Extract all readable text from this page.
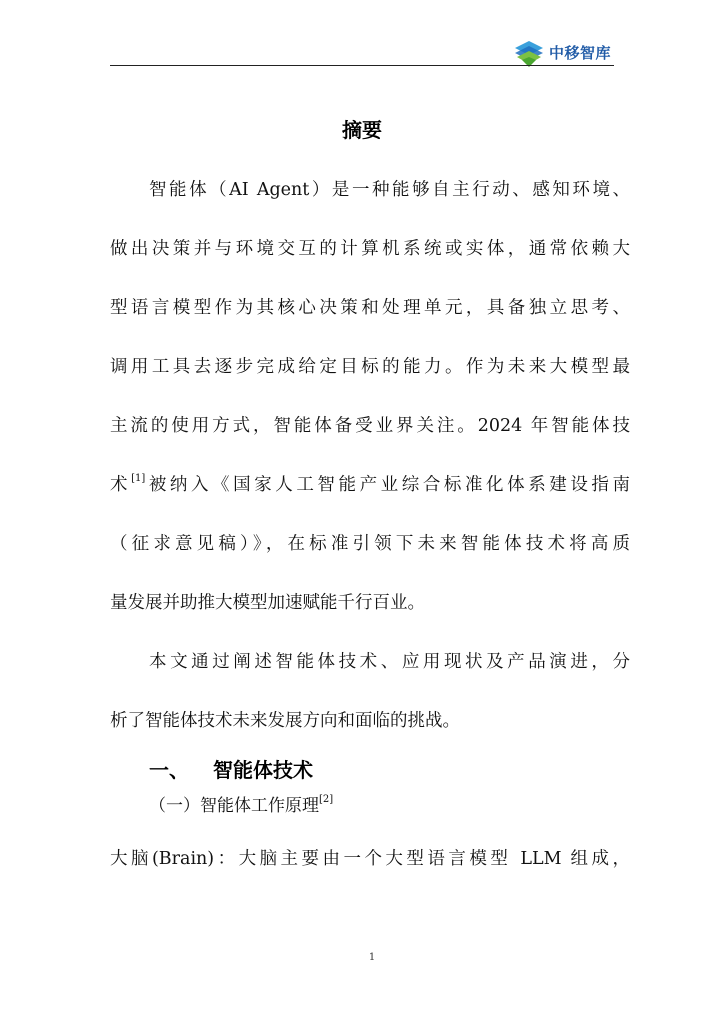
中移智库
摘要
智能体（AI Agent）是一种能够自主行动、感知环境、
做出决策并与环境交互的计算机系统或实体，通常依赖大
型语言模型作为其核心决策和处理单元，具备独立思考、
调用工具去逐步完成给定目标的能力。作为未来大模型最
主流的使用方式，智能体备受业界关注。2024 年智能体技
术[1]被纳入《国家人工智能产业综合标准化体系建设指南
（征求意见稿）》，在标准引领下未来智能体技术将高质
量发展并助推大模型加速赋能千行百业。
本文通过阐述智能体技术、应用现状及产品演进，分
析了智能体技术未来发展方向和面临的挑战。
一、 智能体技术
（一）智能体工作原理[2]
大脑(Brain)：大脑主要由一个大型语言模型 LLM 组成，
1
